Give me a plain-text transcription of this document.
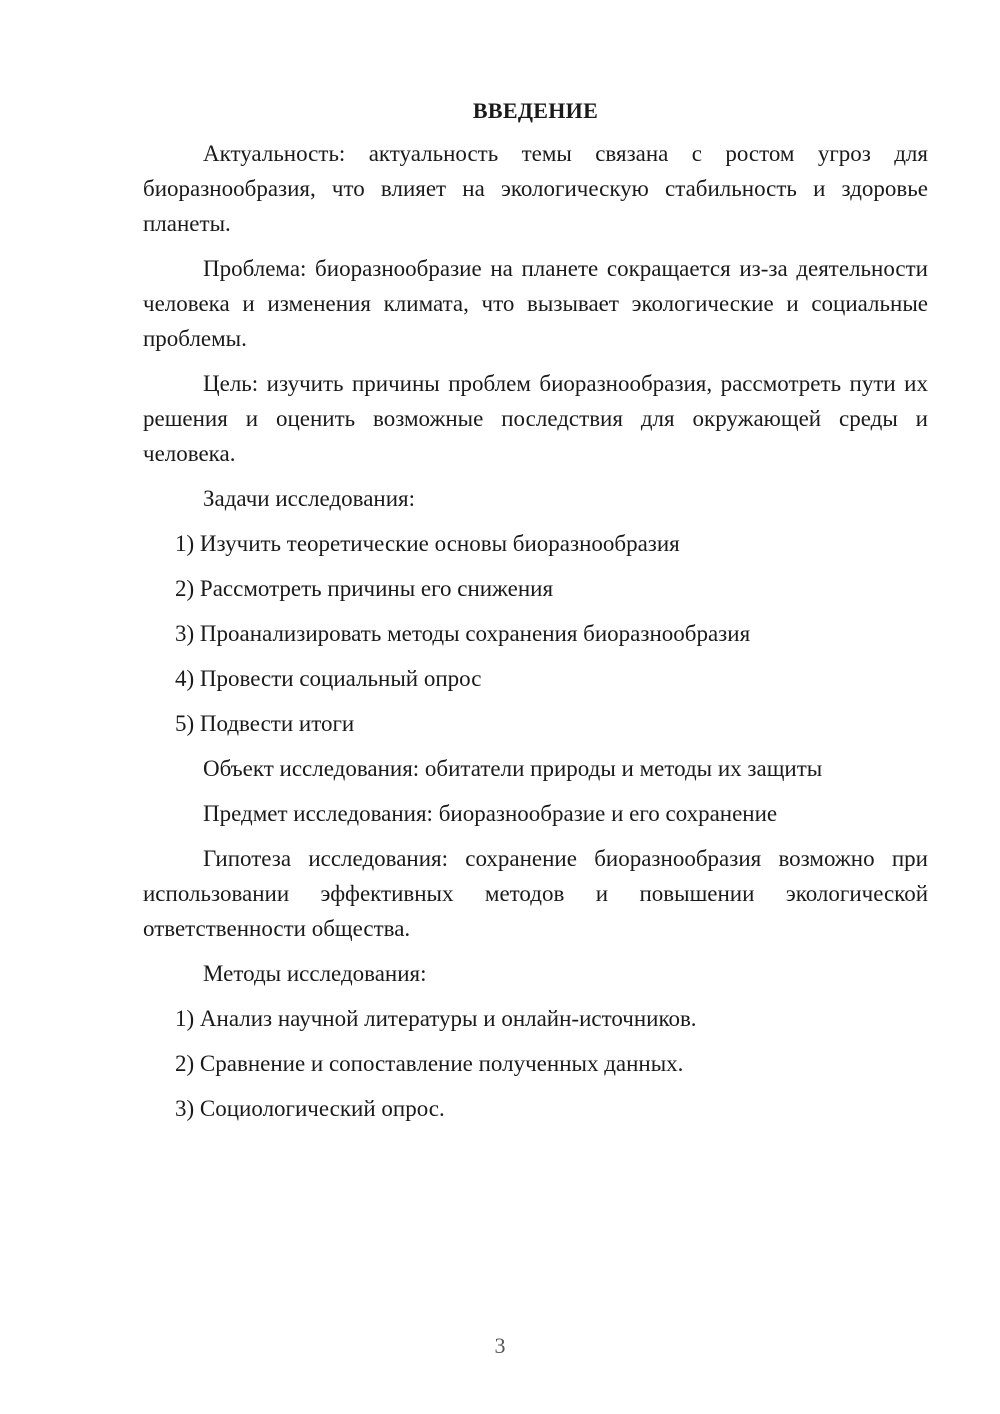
ВВЕДЕНИЕ

Актуальность: актуальность темы связана с ростом угроз для биоразнообразия, что влияет на экологическую стабильность и здоровье планеты.

Проблема: биоразнообразие на планете сокращается из-за деятельности человека и изменения климата, что вызывает экологические и социальные проблемы.

Цель: изучить причины проблем биоразнообразия, рассмотреть пути их решения и оценить возможные последствия для окружающей среды и человека.

Задачи исследования:

1) Изучить теоретические основы биоразнообразия
2) Рассмотреть причины его снижения
3) Проанализировать методы сохранения биоразнообразия
4) Провести социальный опрос
5) Подвести итоги

Объект исследования: обитатели природы и методы их защиты

Предмет исследования: биоразнообразие и его сохранение

Гипотеза исследования: сохранение биоразнообразия возможно при использовании эффективных методов и повышении экологической ответственности общества.

Методы исследования:

1) Анализ научной литературы и онлайн-источников.
2) Сравнение и сопоставление полученных данных.
3) Социологический опрос.
3
